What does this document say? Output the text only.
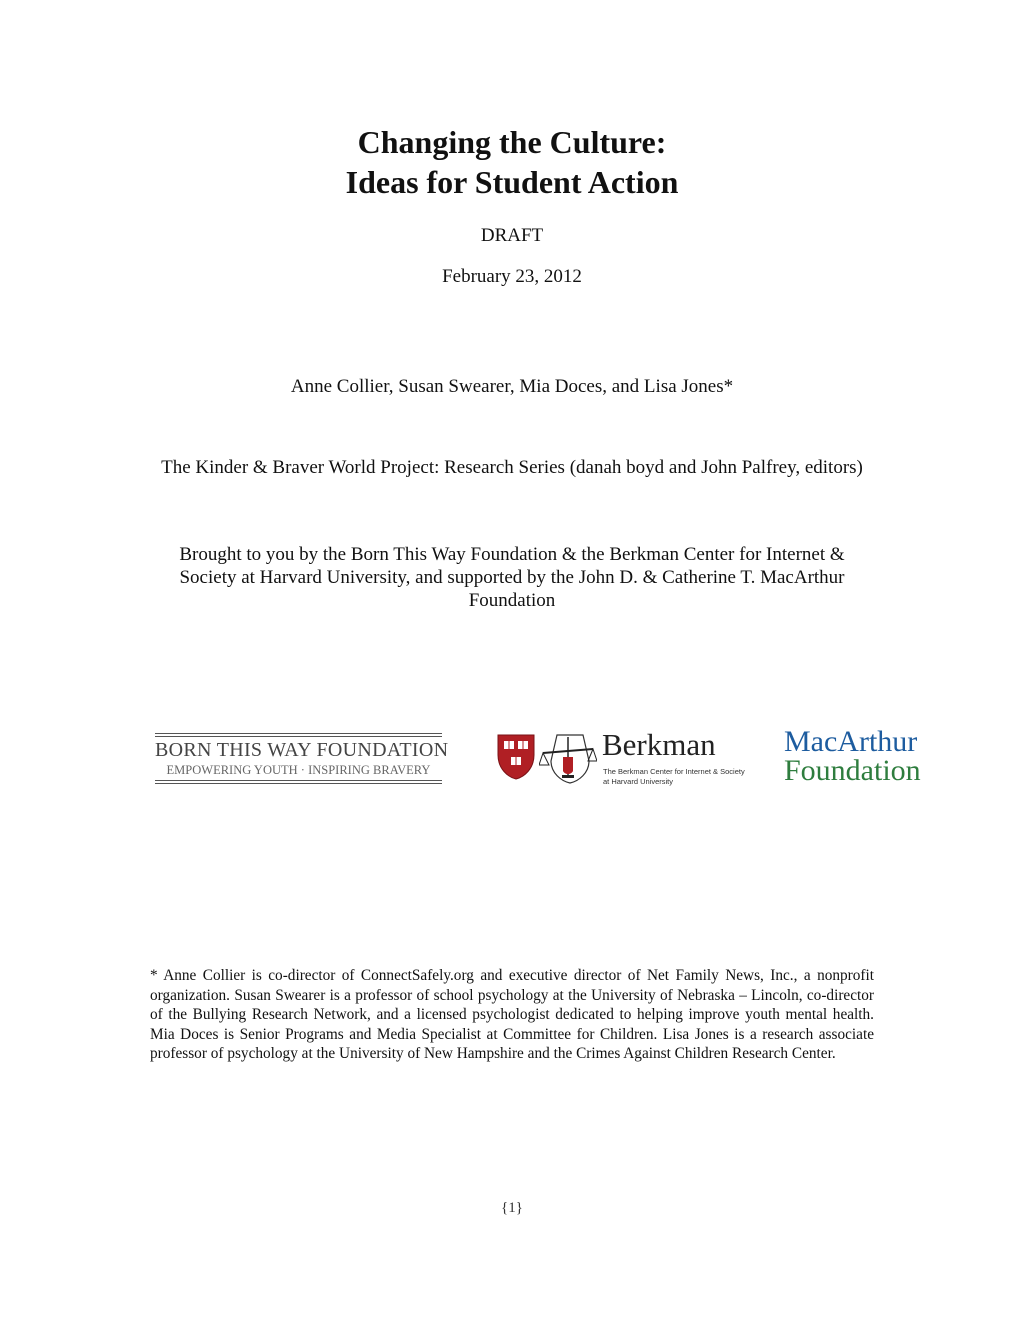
Changing the Culture:
Ideas for Student Action
DRAFT
February 23, 2012
Anne Collier, Susan Swearer, Mia Doces, and Lisa Jones*
The Kinder & Braver World Project: Research Series (danah boyd and John Palfrey, editors)
Brought to you by the Born This Way Foundation & the Berkman Center for Internet & Society at Harvard University, and supported by the John D. & Catherine T. MacArthur Foundation
BORN THIS WAY FOUNDATION
EMPOWERING YOUTH · INSPIRING BRAVERY
Berkman
The Berkman Center for Internet & Society
at Harvard University
MacArthur
Foundation
* Anne Collier is co-director of ConnectSafely.org and executive director of Net Family News, Inc., a nonprofit organization. Susan Swearer is a professor of school psychology at the University of Nebraska – Lincoln, co-director of the Bullying Research Network, and a licensed psychologist dedicated to helping improve youth mental health. Mia Doces is Senior Programs and Media Specialist at Committee for Children. Lisa Jones is a research associate professor of psychology at the University of New Hampshire and the Crimes Against Children Research Center.
{1}
